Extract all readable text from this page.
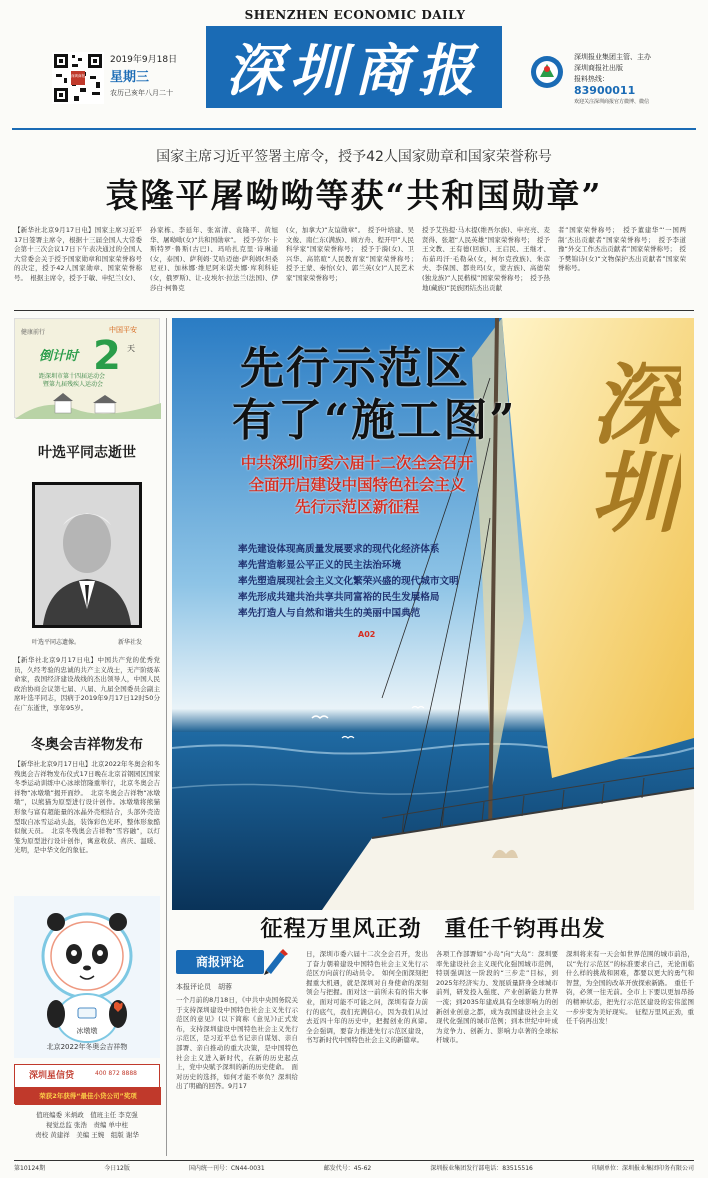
SHENZHEN ECONOMIC DAILY
深圳商报
2019年9月18日
星期三
农历己亥年八月二十 深圳商报	深圳报业集团主管、主办
深圳商报社出版
报料热线：
83900011
欢迎关注深圳商报官方微博、微信
国家主席习近平签署主席令，授予42人国家勋章和国家荣誉称号
袁隆平屠呦呦等获“共和国勋章”
【新华社北京9月17日电】国家主席习近平17日签署主席令，根据十三届全国人大常委会第十三次会议17日下午表决通过的全国人大常委会关于授予国家勋章和国家荣誉称号的决定，授予42人国家勋章、国家荣誉称号。　根据主席令，授予于敏、申纪兰(女)、
孙家栋、李延年、张富清、袁隆平、黄旭华、屠呦呦(女)“共和国勋章”。　授予劳尔·卡斯特罗·鲁斯(古巴)、玛哈扎克里·诗琳通(女，泰国)、萨利姆·艾哈迈德·萨利姆(坦桑尼亚)、加林娜·维尼阿米诺夫娜·库利科娃(女，俄罗斯)、让-皮埃尔·拉法兰(法国)、伊莎白·柯鲁克
(女，加拿大)“友谊勋章”。　授予叶培建、吴文俊、南仁东(满族)、顾方舟、程开甲“人民科学家”国家荣誉称号；　授予于漪(女)、卫兴华、高铭暄“人民教育家”国家荣誉称号；　授予王蒙、秦怡(女)、郭兰英(女)“人民艺术家”国家荣誉称号；
授予艾热提·马木提(维吾尔族)、申亮亮、麦贤得、张超“人民英雄”国家荣誉称号；　授予王文教、王有德(回族)、王启民、王继才、布茹玛汗·毛勒朵(女，柯尔克孜族)、朱彦夫、李保国、都贵玛(女，蒙古族)、高德荣(独龙族)“人民楷模”国家荣誉称号；　授予热地(藏族)“民族团结杰出贡献
者”国家荣誉称号；　授予董建华“‘一国两制’杰出贡献者”国家荣誉称号；　授予李道豫“外交工作杰出贡献者”国家荣誉称号；　授予樊锦诗(女)“文物保护杰出贡献者”国家荣誉称号。
健康前行	中国平安
倒计时 2 天
距深圳市第十四届运动会
暨第九届残疾人运动会
叶选平同志逝世
叶选平同志遗像。	新华社发
【新华社北京9月17日电】中国共产党的优秀党员，久经考验的忠诚的共产主义战士，无产阶级革命家，我国经济建设战线的杰出领导人，中国人民政治协商会议第七届、八届、九届全国委员会副主席叶选平同志，因病于2019年9月17日12时50分在广东逝世，享年95岁。
冬奥会吉祥物发布
【新华社北京9月17日电】北京2022年冬奥会和冬残奥会吉祥物发布仪式17日晚在北京首钢园区国家冬季运动训练中心冰球馆隆重举行，北京冬奥会吉祥物“冰墩墩”揭开面纱。　北京冬奥会吉祥物“冰墩墩”，以熊猫为原型进行设计创作。冰墩墩将熊猫形象与富有超能量的冰晶外壳相结合，头部外壳造型取自冰雪运动头盔，装饰彩色光环，整体形象酷似航天员。　北京冬残奥会吉祥物“雪容融”，以灯笼为原型进行设计创作，寓意收获、喜庆、温暖、光明，是中华文化的象征。
冰墩墩
北京2022年冬奥会吉祥物
深圳星信贷	400 872 8888
荣获2年获得“最佳小贷公司”奖项
值班编委 米炳政　值班主任 李克强
视觉总监 张浩　责编 单中柱
责校 黄建祥　美编 王婉　组版 谢华
深圳
先行示范区
有了“施工图”
中共深圳市委六届十二次全会召开
全面开启建设中国特色社会主义
先行示范区新征程
率先建设体现高质量发展要求的现代化经济体系
率先营造彰显公平正义的民主法治环境
率先塑造展现社会主义文化繁荣兴盛的现代城市文明
率先形成共建共治共享共同富裕的民生发展格局
率先打造人与自然和谐共生的美丽中国典范
A02
征程万里风正劲　重任千钧再出发
商报评论
本报评论员　胡蓉
一个月前的8月18日，《中共中央国务院关于支持深圳建设中国特色社会主义先行示范区的意见》(以下简称《意见》)正式发布，支持深圳建设中国特色社会主义先行示范区，是习近平总书记亲自谋划、亲自部署、亲自推动的重大决策，是中国特色社会主义进入新时代，在新的历史起点上，党中央赋予深圳的新的历史使命。　面对历史的选择，如何才能不辜负？深圳给出了明确的回答。9月17
日，深圳市委六届十二次全会召开，发出了奋力朝着建设中国特色社会主义先行示范区方向前行的动员令。　如何全面深刻把握重大机遇，就是深圳对自身使命的深刻领会与把握。面对这一前所未有的伟大事业，面对可能不可能之问，深圳有奋力前行的底气，我们充满信心，因为我们从过去近四十年的历史中，把握创业的真谛。　全会强调，要奋力推进先行示范区建设，书写新时代中国特色社会主义的新篇章。
各项工作部署如“小岛”向“大岛”：深圳要率先建设社会主义现代化强国城市范例，特别强调这一阶段的“三步走”目标，到2025年经济实力、发展质量跻身全球城市前列，研发投入强度、产业创新能力世界一流；到2035年建成具有全球影响力的创新创业创意之都，成为我国建设社会主义现代化强国的城市范例；到本世纪中叶成为竞争力、创新力、影响力卓著的全球标杆城市。
深圳将来有一天会如世界范围的城市前沿，以“先行示范区”的标准要求自己，无论面临什么样的挑战和困难，都要以更大的勇气和智慧，为全国的改革开放探索新路。　重任千钧，必须一往无前。全市上下要以更加昂扬的精神状态，把先行示范区建设的宏伟蓝图一步步变为美好现实。　征程万里风正劲，重任千钧再出发！
第10124期	今日12版	国内统一刊号：CN44-0031	邮发代号：45-62	深圳报业集团发行部电话：83515516	印刷单位：深圳报业集团印务有限公司
